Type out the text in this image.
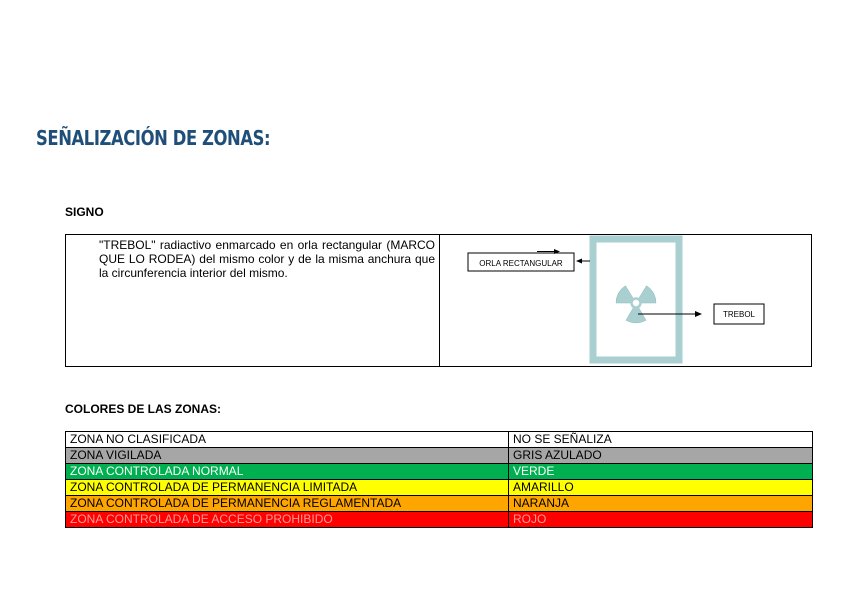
SEÑALIZACIÓN DE ZONAS:
SIGNO
"TREBOL" radiactivo enmarcado en orla rectangular (MARCO QUE LO RODEA) del mismo color y de la misma anchura que la circunferencia interior del mismo.
ORLA RECTANGULAR
TREBOL
COLORES DE LAS ZONAS:
ZONA NO CLASIFICADA	NO SE SEÑALIZA
ZONA VIGILADA	GRIS AZULADO
ZONA CONTROLADA NORMAL	VERDE
ZONA CONTROLADA DE PERMANENCIA LIMITADA	AMARILLO
ZONA CONTROLADA DE PERMANENCIA REGLAMENTADA	NARANJA
ZONA CONTROLADA DE ACCESO PROHIBIDO	ROJO
